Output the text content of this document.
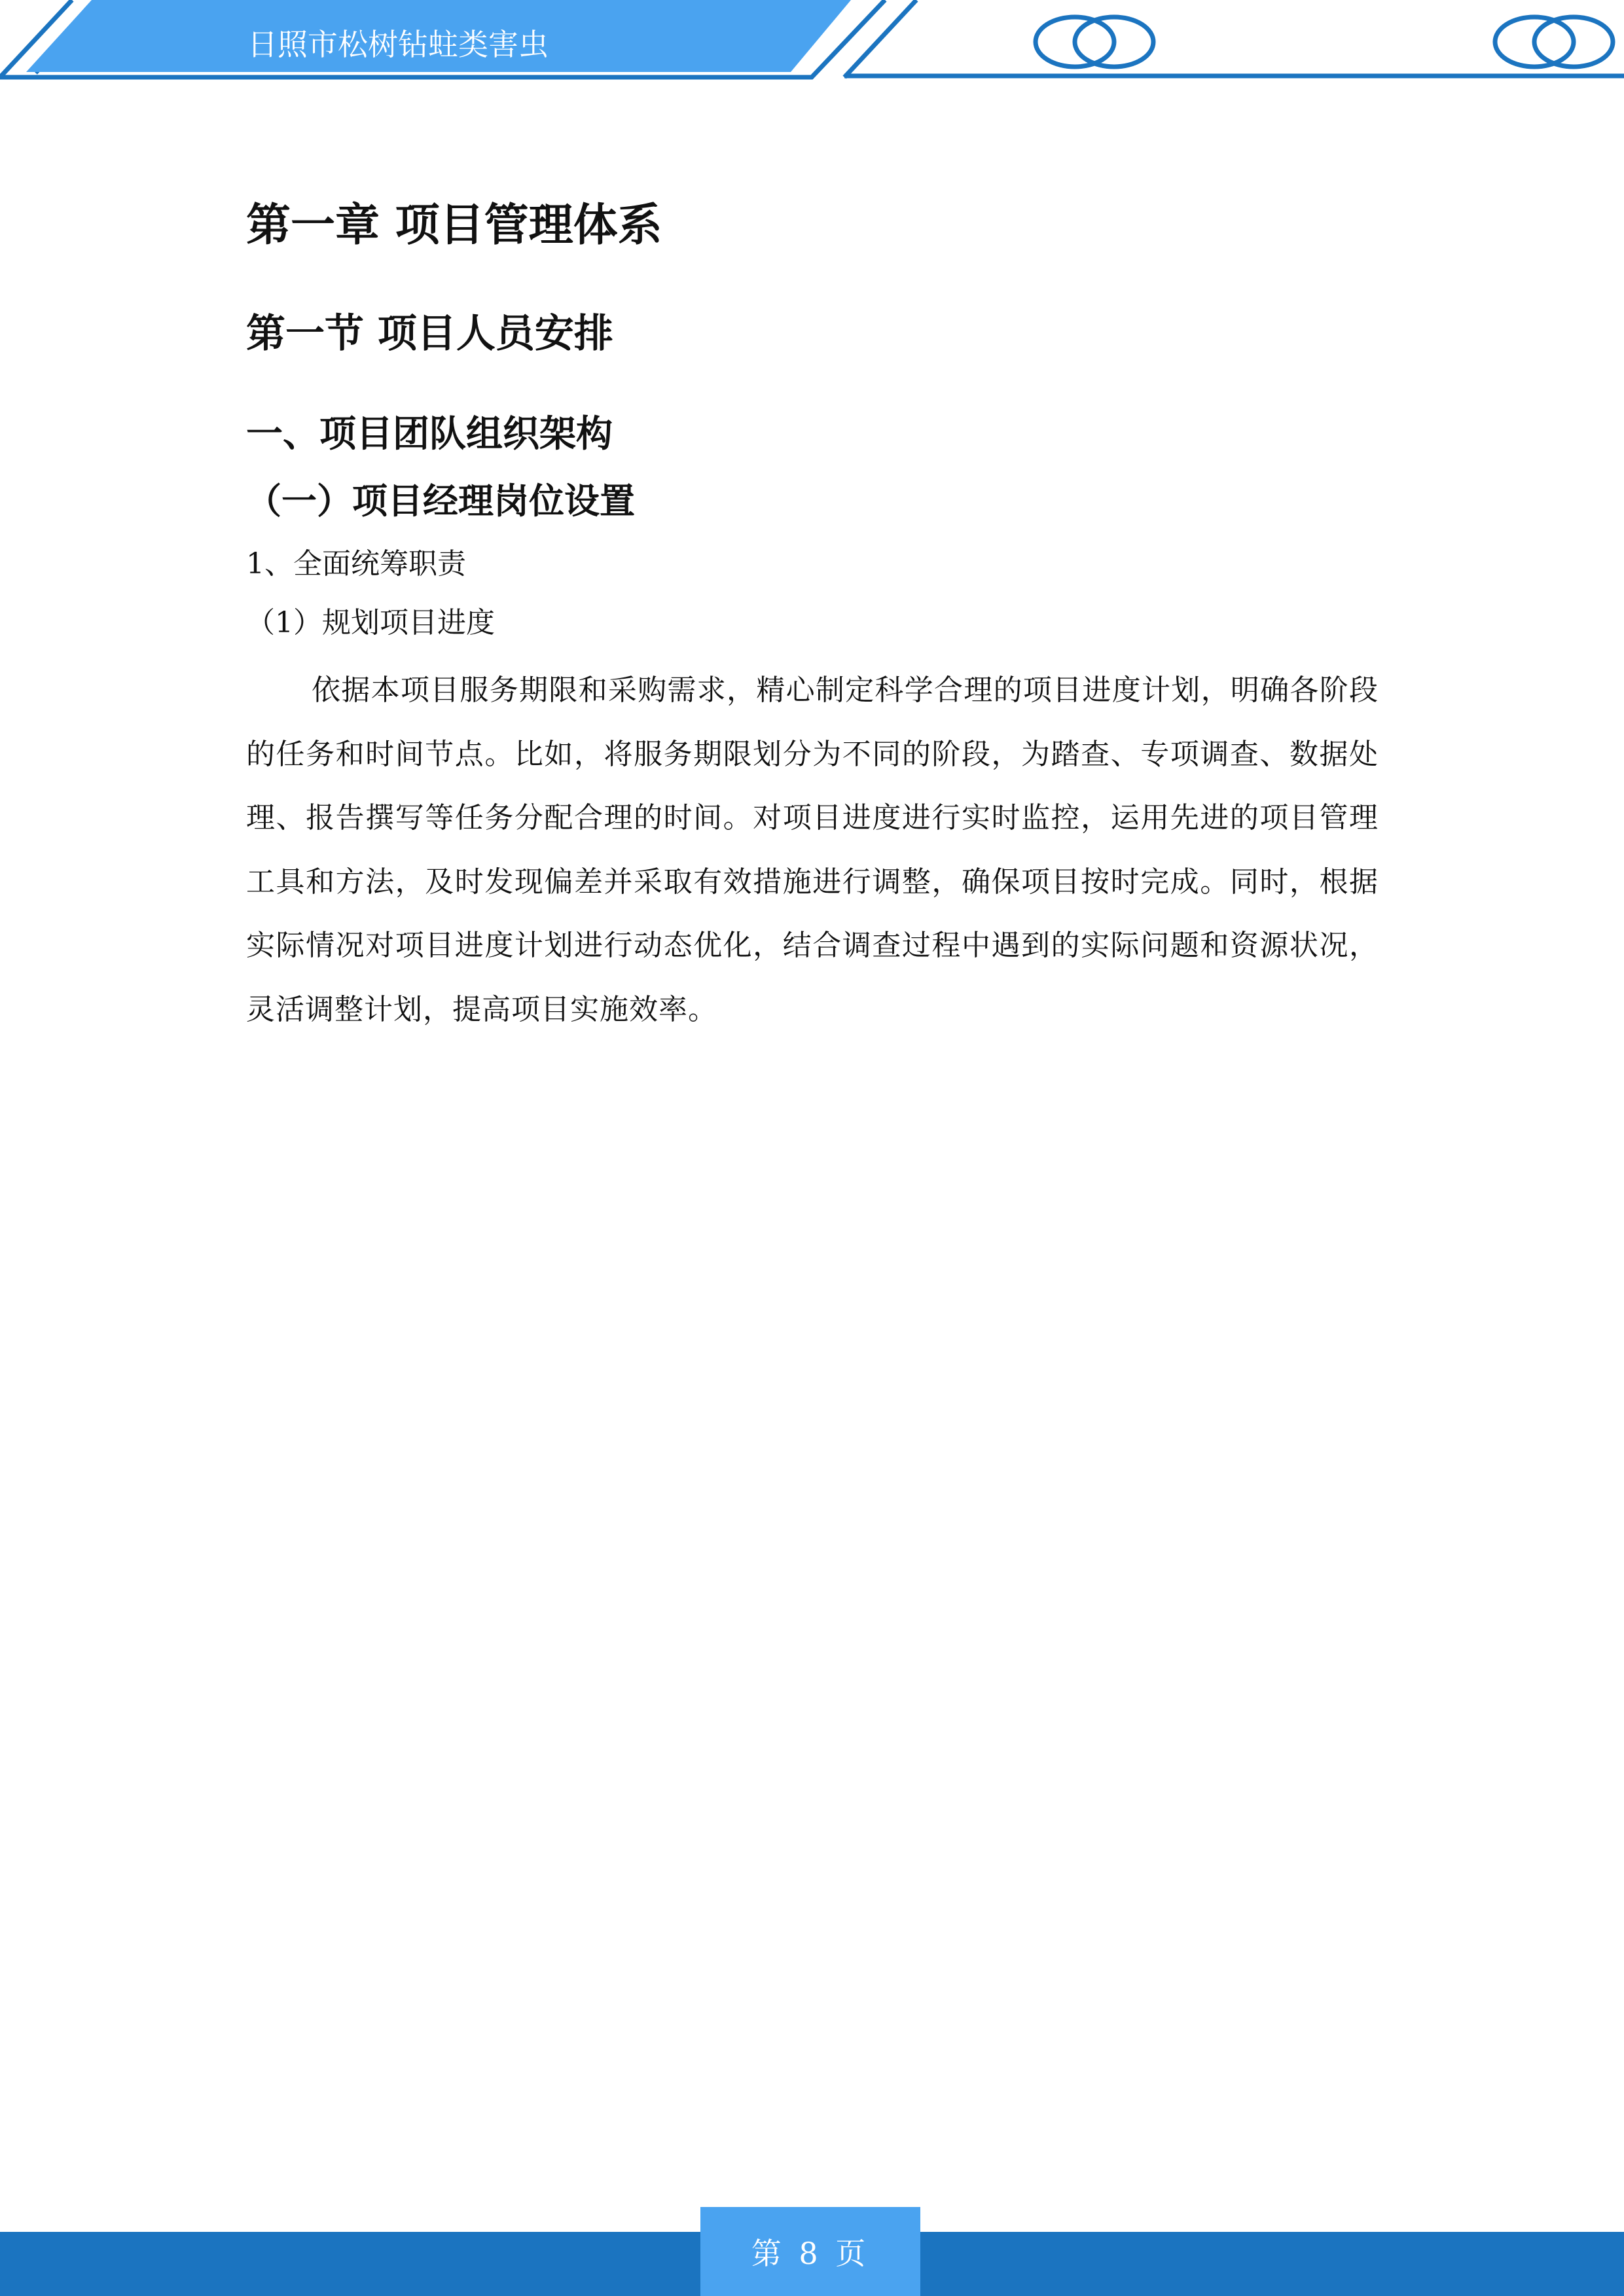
日照市松树钻蛀类害虫
第一章 项目管理体系
第一节 项目人员安排
一、项目团队组织架构
（一）项目经理岗位设置

1、全面统筹职责

（1）规划项目进度

依据本项目服务期限和采购需求，精心制定科学合理的项目进度计划，明确各阶段的任务和时间节点。比如，将服务期限划分为不同的阶段，为踏查、专项调查、数据处理、报告撰写等任务分配合理的时间。对项目进度进行实时监控，运用先进的项目管理工具和方法，及时发现偏差并采取有效措施进行调整，确保项目按时完成。同时，根据实际情况对项目进度计划进行动态优化，结合调查过程中遇到的实际问题和资源状况，灵活调整计划，提高项目实施效率。

第 8 页
